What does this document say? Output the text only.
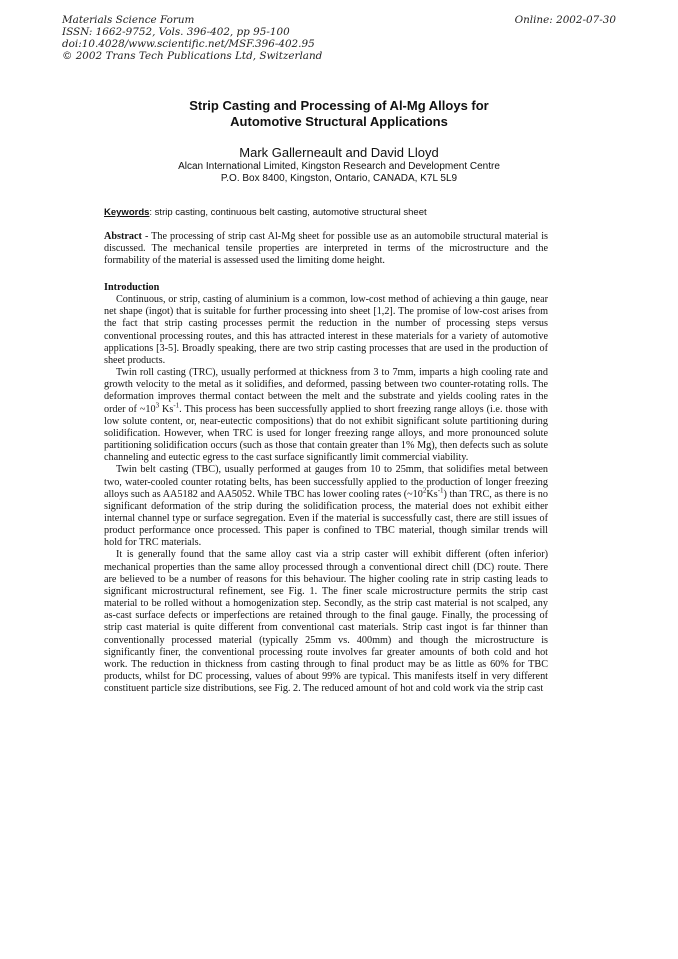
Materials Science Forum
ISSN: 1662-9752, Vols. 396-402, pp 95-100
doi:10.4028/www.scientific.net/MSF.396-402.95
© 2002 Trans Tech Publications Ltd, Switzerland
Online: 2002-07-30
Strip Casting and Processing of Al-Mg Alloys for
Automotive Structural Applications
Mark Gallerneault and David Lloyd
Alcan International Limited, Kingston Research and Development Centre
P.O. Box 8400, Kingston, Ontario, CANADA, K7L 5L9
Keywords: strip casting, continuous belt casting, automotive structural sheet
Abstract - The processing of strip cast Al-Mg sheet for possible use as an automobile structural material is discussed. The mechanical tensile properties are interpreted in terms of the microstructure and the formability of the material is assessed used the limiting dome height.

Introduction

Continuous, or strip, casting of aluminium is a common, low-cost method of achieving a thin gauge, near net shape (ingot) that is suitable for further processing into sheet [1,2]. The promise of low-cost arises from the fact that strip casting processes permit the reduction in the number of processing steps versus conventional processing routes, and this has attracted interest in these materials for a variety of automotive applications [3-5]. Broadly speaking, there are two strip casting processes that are used in the production of sheet products.

Twin roll casting (TRC), usually performed at thickness from 3 to 7mm, imparts a high cooling rate and growth velocity to the metal as it solidifies, and deformed, passing between two counter-rotating rolls. The deformation improves thermal contact between the melt and the substrate and yields cooling rates in the order of $\sim 10^3$ $Ks^{-1}$. This process has been successfully applied to short freezing range alloys (i.e. those with low solute content, or, near-eutectic compositions) that do not exhibit significant solute partitioning during solidification. However, when TRC is used for longer freezing range alloys, and more pronounced solute partitioning solidification occurs (such as those that contain greater than 1% Mg), then defects such as solute channeling and eutectic egress to the cast surface significantly limit commercial viability.

Twin belt casting (TBC), usually performed at gauges from 10 to 25mm, that solidifies metal between two, water-cooled counter rotating belts, has been successfully applied to the production of longer freezing alloys such as AA5182 and AA5052. While TBC has lower cooling rates $(\sim 10^2Ks^{-1})$ than TRC, as there is no significant deformation of the strip during the solidification process, the material does not exhibit either internal channel type or surface segregation. Even if the material is successfully cast, there are still issues of product performance once processed. This paper is confined to TBC material, though similar trends will hold for TRC materials.

It is generally found that the same alloy cast via a strip caster will exhibit different (often inferior) mechanical properties than the same alloy processed through a conventional direct chill (DC) route. There are believed to be a number of reasons for this behaviour. The higher cooling rate in strip casting leads to significant microstructural refinement, see Fig. 1. The finer scale microstructure permits the strip cast material to be rolled without a homogenization step. Secondly, as the strip cast material is not scalped, any as-cast surface defects or imperfections are retained through to the final gauge. Finally, the processing of strip cast material is quite different from conventional cast materials. Strip cast ingot is far thinner than conventionally processed material (typically 25mm vs. 400mm) and though the microstructure is significantly finer, the conventional processing route involves far greater amounts of both cold and hot work. The reduction in thickness from casting through to final product may be as little as 60% for TBC products, whilst for DC processing, values of about 99% are typical. This manifests itself in very different constituent particle size distributions, see Fig. 2. The reduced amount of hot and cold work via the strip cast
